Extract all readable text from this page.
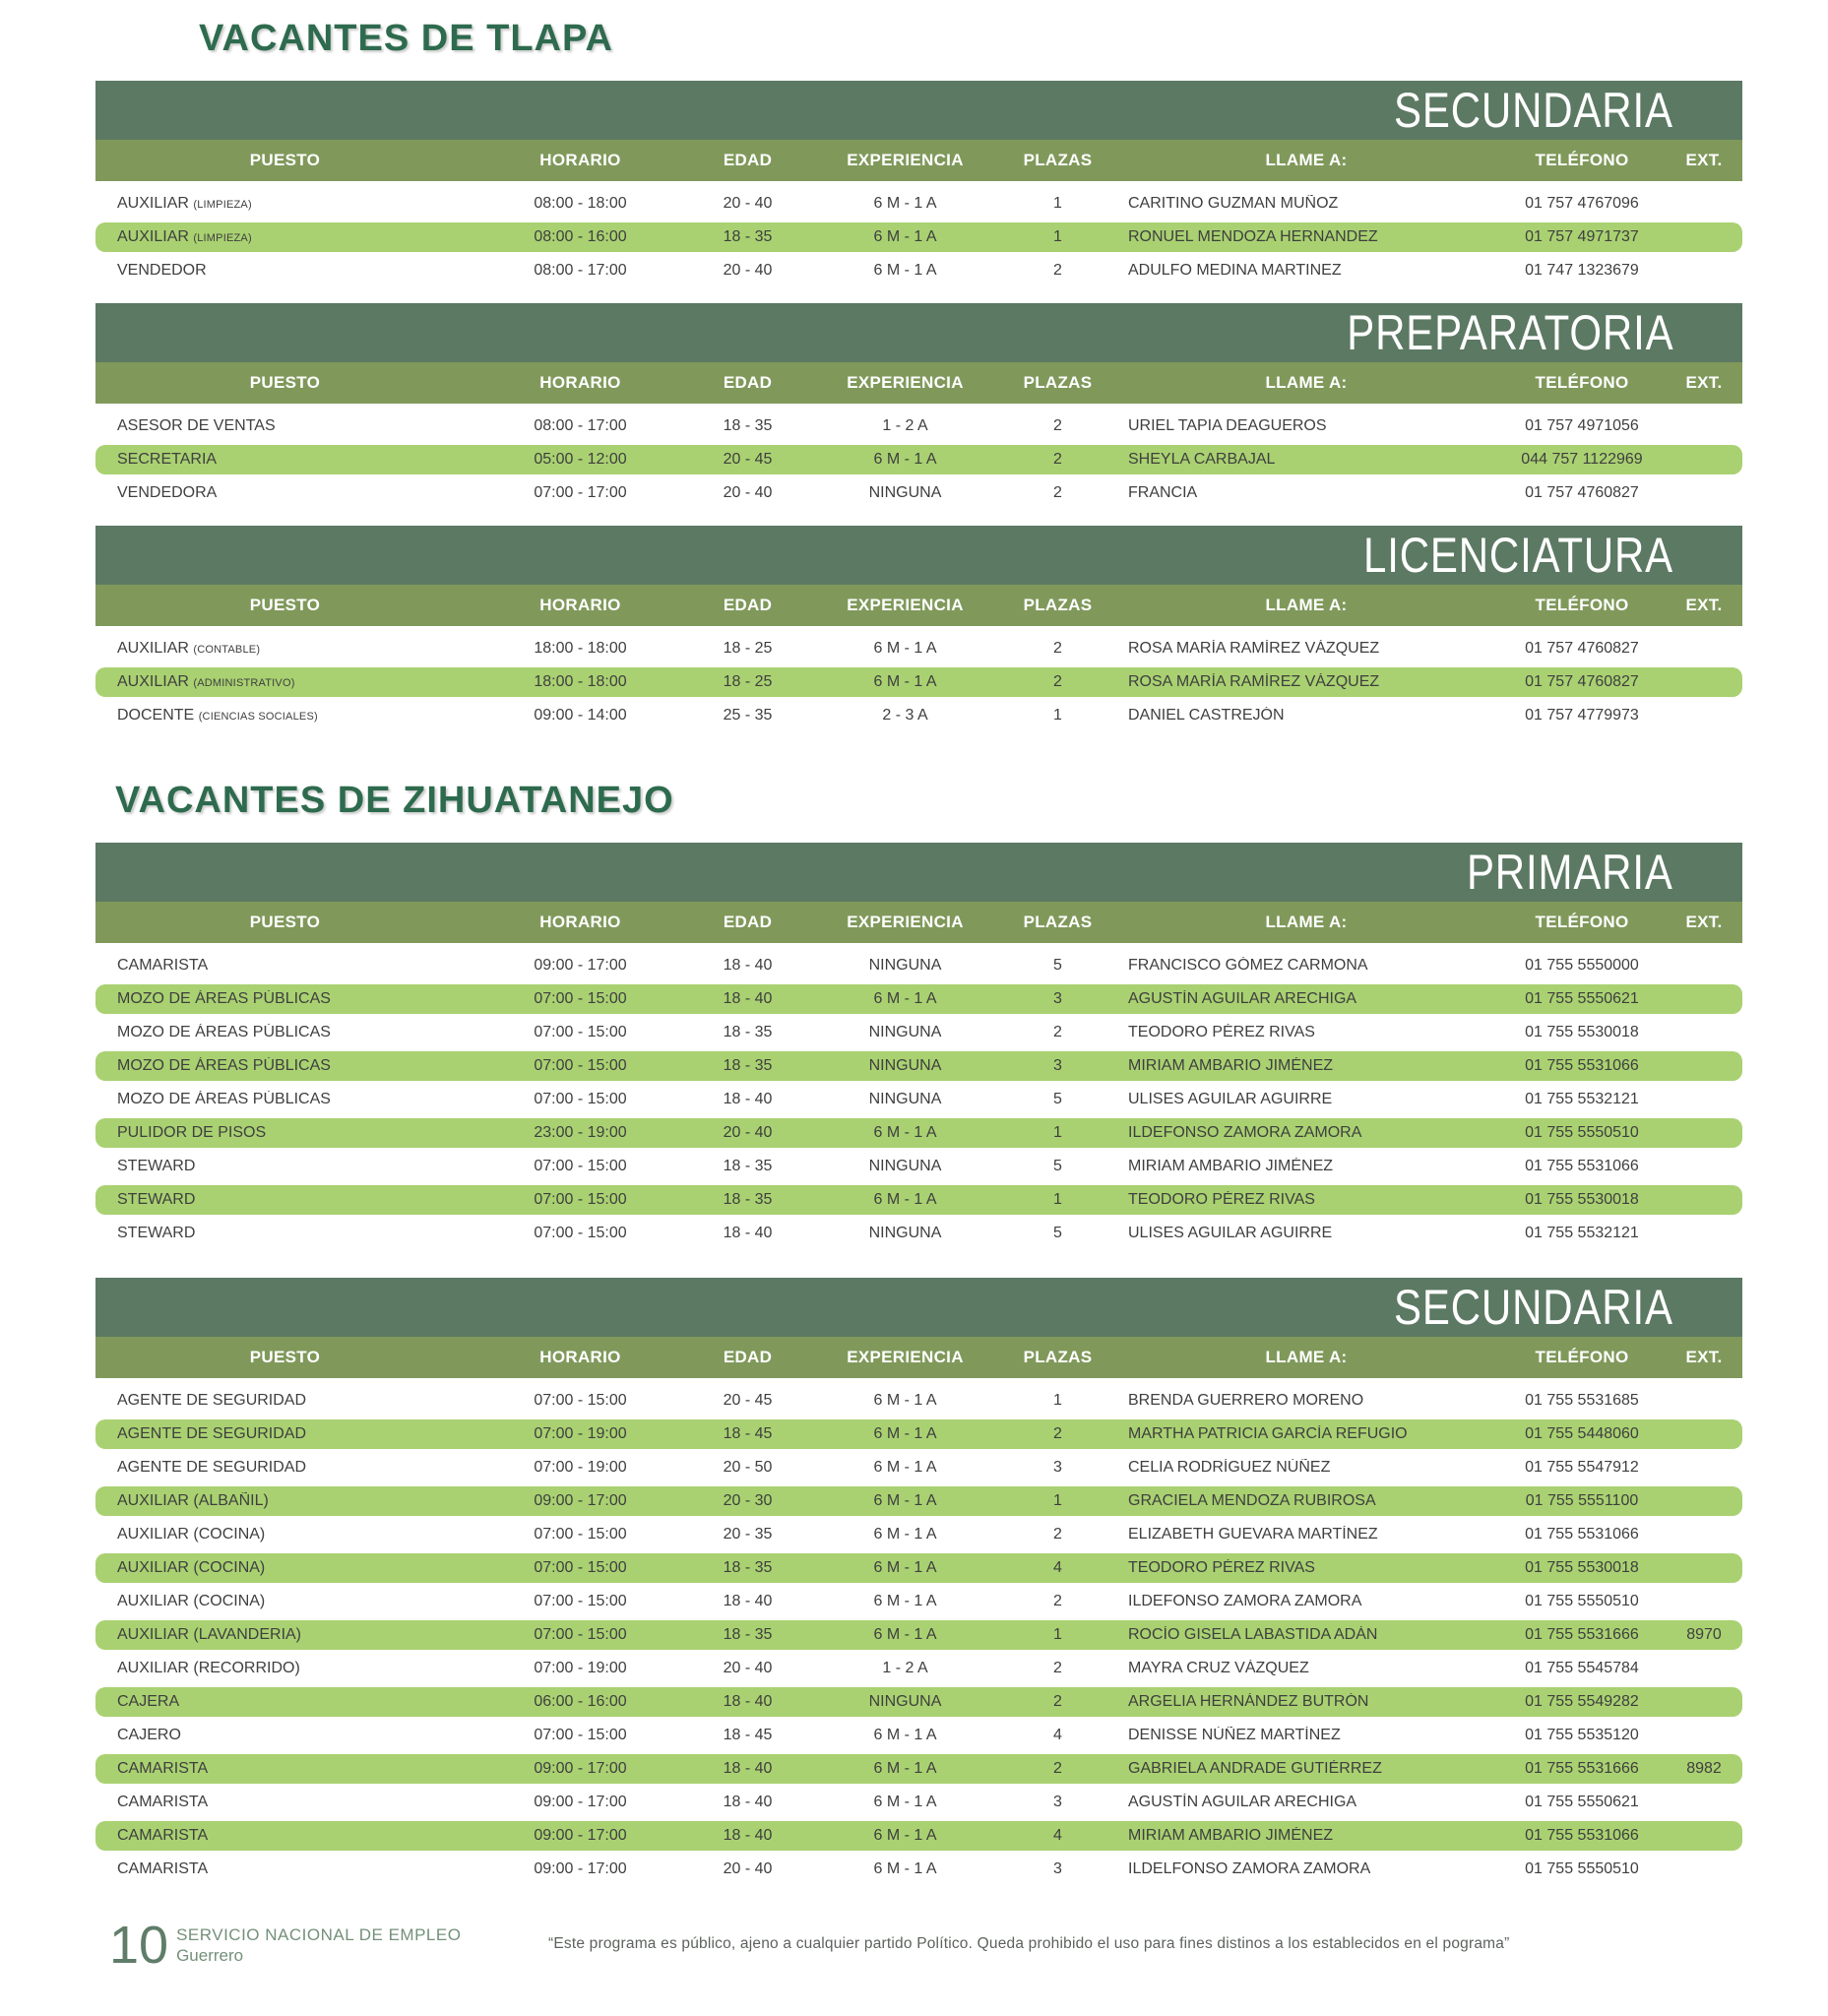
VACANTES DE TLAPA
SECUNDARIA
PUESTO	HORARIO	EDAD	EXPERIENCIA	PLAZAS	LLAME A:	TELÉFONO	EXT.
AUXILIAR (LIMPIEZA)	08:00 - 18:00	20 - 40	6 M - 1 A	1	CARITINO GUZMAN MUÑOZ	01 757 4767096
AUXILIAR (LIMPIEZA)	08:00 - 16:00	18 - 35	6 M - 1 A	1	RONUEL MENDOZA HERNANDEZ	01 757 4971737
VENDEDOR	08:00 - 17:00	20 - 40	6 M - 1 A	2	ADULFO MEDINA MARTINEZ	01 747 1323679
PREPARATORIA
PUESTO	HORARIO	EDAD	EXPERIENCIA	PLAZAS	LLAME A:	TELÉFONO	EXT.
ASESOR DE VENTAS	08:00 - 17:00	18 - 35	1 - 2 A	2	URIEL TAPIA DEAGUEROS	01 757 4971056
SECRETARIA	05:00 - 12:00	20 - 45	6 M - 1 A	2	SHEYLA CARBAJAL	044 757 1122969
VENDEDORA	07:00 - 17:00	20 - 40	NINGUNA	2	FRANCIA	01 757 4760827
LICENCIATURA
PUESTO	HORARIO	EDAD	EXPERIENCIA	PLAZAS	LLAME A:	TELÉFONO	EXT.
AUXILIAR (CONTABLE)	18:00 - 18:00	18 - 25	6 M - 1 A	2	ROSA MARÍA RAMÍREZ VÁZQUEZ	01 757 4760827
AUXILIAR (ADMINISTRATIVO)	18:00 - 18:00	18 - 25	6 M - 1 A	2	ROSA MARÍA RAMÍREZ VÁZQUEZ	01 757 4760827
DOCENTE (CIENCIAS SOCIALES)	09:00 - 14:00	25 - 35	2 - 3 A	1	DANIEL CASTREJÓN	01 757 4779973
VACANTES DE ZIHUATANEJO
PRIMARIA
PUESTO	HORARIO	EDAD	EXPERIENCIA	PLAZAS	LLAME A:	TELÉFONO	EXT.
CAMARISTA	09:00 - 17:00	18 - 40	NINGUNA	5	FRANCISCO GÓMEZ CARMONA	01 755 5550000
MOZO DE ÁREAS PÚBLICAS	07:00 - 15:00	18 - 40	6 M - 1 A	3	AGUSTÍN AGUILAR ARECHIGA	01 755 5550621
MOZO DE ÁREAS PÚBLICAS	07:00 - 15:00	18 - 35	NINGUNA	2	TEODORO PÉREZ RIVAS	01 755 5530018
MOZO DE ÁREAS PÚBLICAS	07:00 - 15:00	18 - 35	NINGUNA	3	MIRIAM AMBARIO JIMÉNEZ	01 755 5531066
MOZO DE ÁREAS PÚBLICAS	07:00 - 15:00	18 - 40	NINGUNA	5	ULISES AGUILAR AGUIRRE	01 755 5532121
PULIDOR DE PISOS	23:00 - 19:00	20 - 40	6 M - 1 A	1	ILDEFONSO ZAMORA ZAMORA	01 755 5550510
STEWARD	07:00 - 15:00	18 - 35	NINGUNA	5	MIRIAM AMBARIO JIMÉNEZ	01 755 5531066
STEWARD	07:00 - 15:00	18 - 35	6 M - 1 A	1	TEODORO PÉREZ RIVAS	01 755 5530018
STEWARD	07:00 - 15:00	18 - 40	NINGUNA	5	ULISES AGUILAR AGUIRRE	01 755 5532121
SECUNDARIA
PUESTO	HORARIO	EDAD	EXPERIENCIA	PLAZAS	LLAME A:	TELÉFONO	EXT.
AGENTE DE SEGURIDAD	07:00 - 15:00	20 - 45	6 M - 1 A	1	BRENDA GUERRERO MORENO	01 755 5531685
AGENTE DE SEGURIDAD	07:00 - 19:00	18 - 45	6 M - 1 A	2	MARTHA PATRICIA GARCÍA REFUGIO	01 755 5448060
AGENTE DE SEGURIDAD	07:00 - 19:00	20 - 50	6 M - 1 A	3	CELIA RODRÍGUEZ NÚÑEZ	01 755 5547912
AUXILIAR (ALBAÑIL)	09:00 - 17:00	20 - 30	6 M - 1 A	1	GRACIELA MENDOZA RUBIROSA	01 755 5551100
AUXILIAR (COCINA)	07:00 - 15:00	20 - 35	6 M - 1 A	2	ELIZABETH GUEVARA MARTÍNEZ	01 755 5531066
AUXILIAR (COCINA)	07:00 - 15:00	18 - 35	6 M - 1 A	4	TEODORO PÉREZ RIVAS	01 755 5530018
AUXILIAR (COCINA)	07:00 - 15:00	18 - 40	6 M - 1 A	2	ILDEFONSO ZAMORA ZAMORA	01 755 5550510
AUXILIAR (LAVANDERIA)	07:00 - 15:00	18 - 35	6 M - 1 A	1	ROCÍO GISELA LABASTIDA ADÁN	01 755 5531666	8970
AUXILIAR (RECORRIDO)	07:00 - 19:00	20 - 40	1 - 2 A	2	MAYRA CRUZ VÁZQUEZ	01 755 5545784
CAJERA	06:00 - 16:00	18 - 40	NINGUNA	2	ARGELIA HERNÁNDEZ BUTRÓN	01 755 5549282
CAJERO	07:00 - 15:00	18 - 45	6 M - 1 A	4	DENISSE NÚÑEZ MARTÍNEZ	01 755 5535120
CAMARISTA	09:00 - 17:00	18 - 40	6 M - 1 A	2	GABRIELA ANDRADE GUTIÉRREZ	01 755 5531666	8982
CAMARISTA	09:00 - 17:00	18 - 40	6 M - 1 A	3	AGUSTÍN AGUILAR ARECHIGA	01 755 5550621
CAMARISTA	09:00 - 17:00	18 - 40	6 M - 1 A	4	MIRIAM AMBARIO JIMÉNEZ	01 755 5531066
CAMARISTA	09:00 - 17:00	20 - 40	6 M - 1 A	3	ILDELFONSO ZAMORA ZAMORA	01 755 5550510
10 SERVICIO NACIONAL DE EMPLEO
Guerrero
“Este programa es público, ajeno a cualquier partido Político. Queda prohibido el uso para fines distinos a los establecidos en el pograma”
